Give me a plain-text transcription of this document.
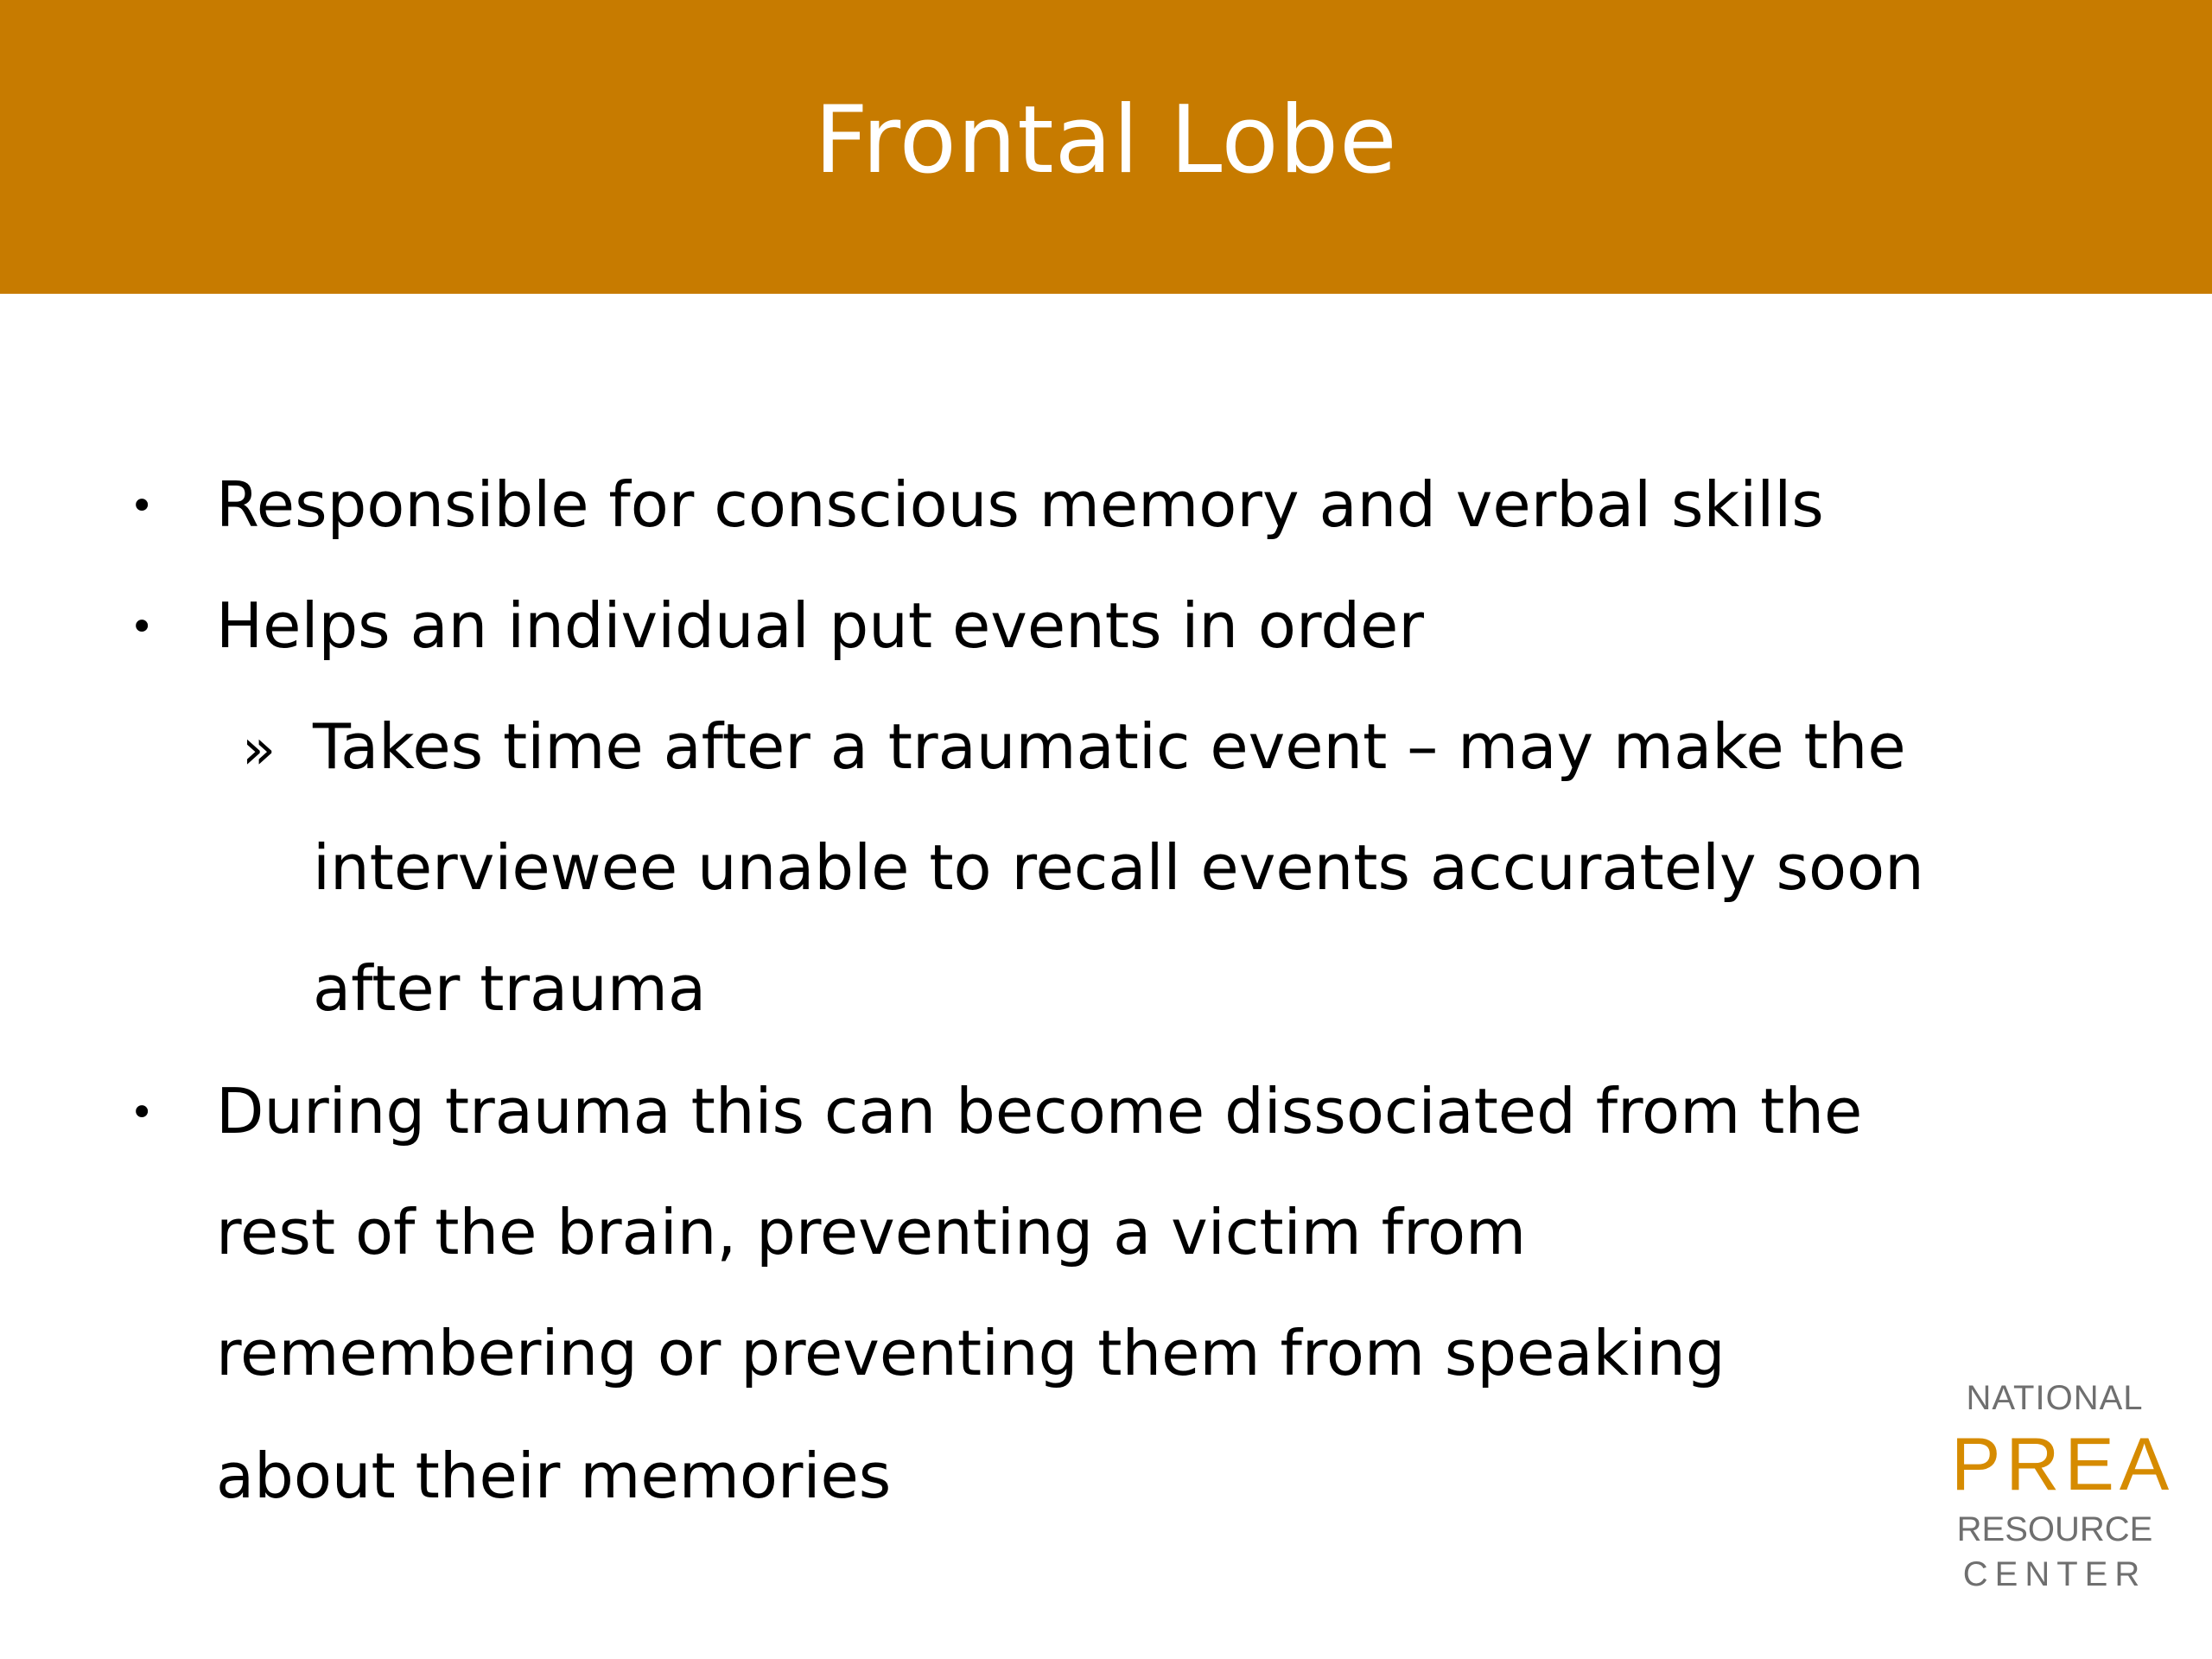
Frontal Lobe
• Responsible for conscious memory and verbal skills
• Helps an individual put events in order
» Takes time after a traumatic event – may make the
interviewee unable to recall events accurately soon
after trauma
• During trauma this can become dissociated from the
rest of the brain, preventing a victim from
remembering or preventing them from speaking
about their memories
NATIONAL
PREA
RESOURCE
CENTER
